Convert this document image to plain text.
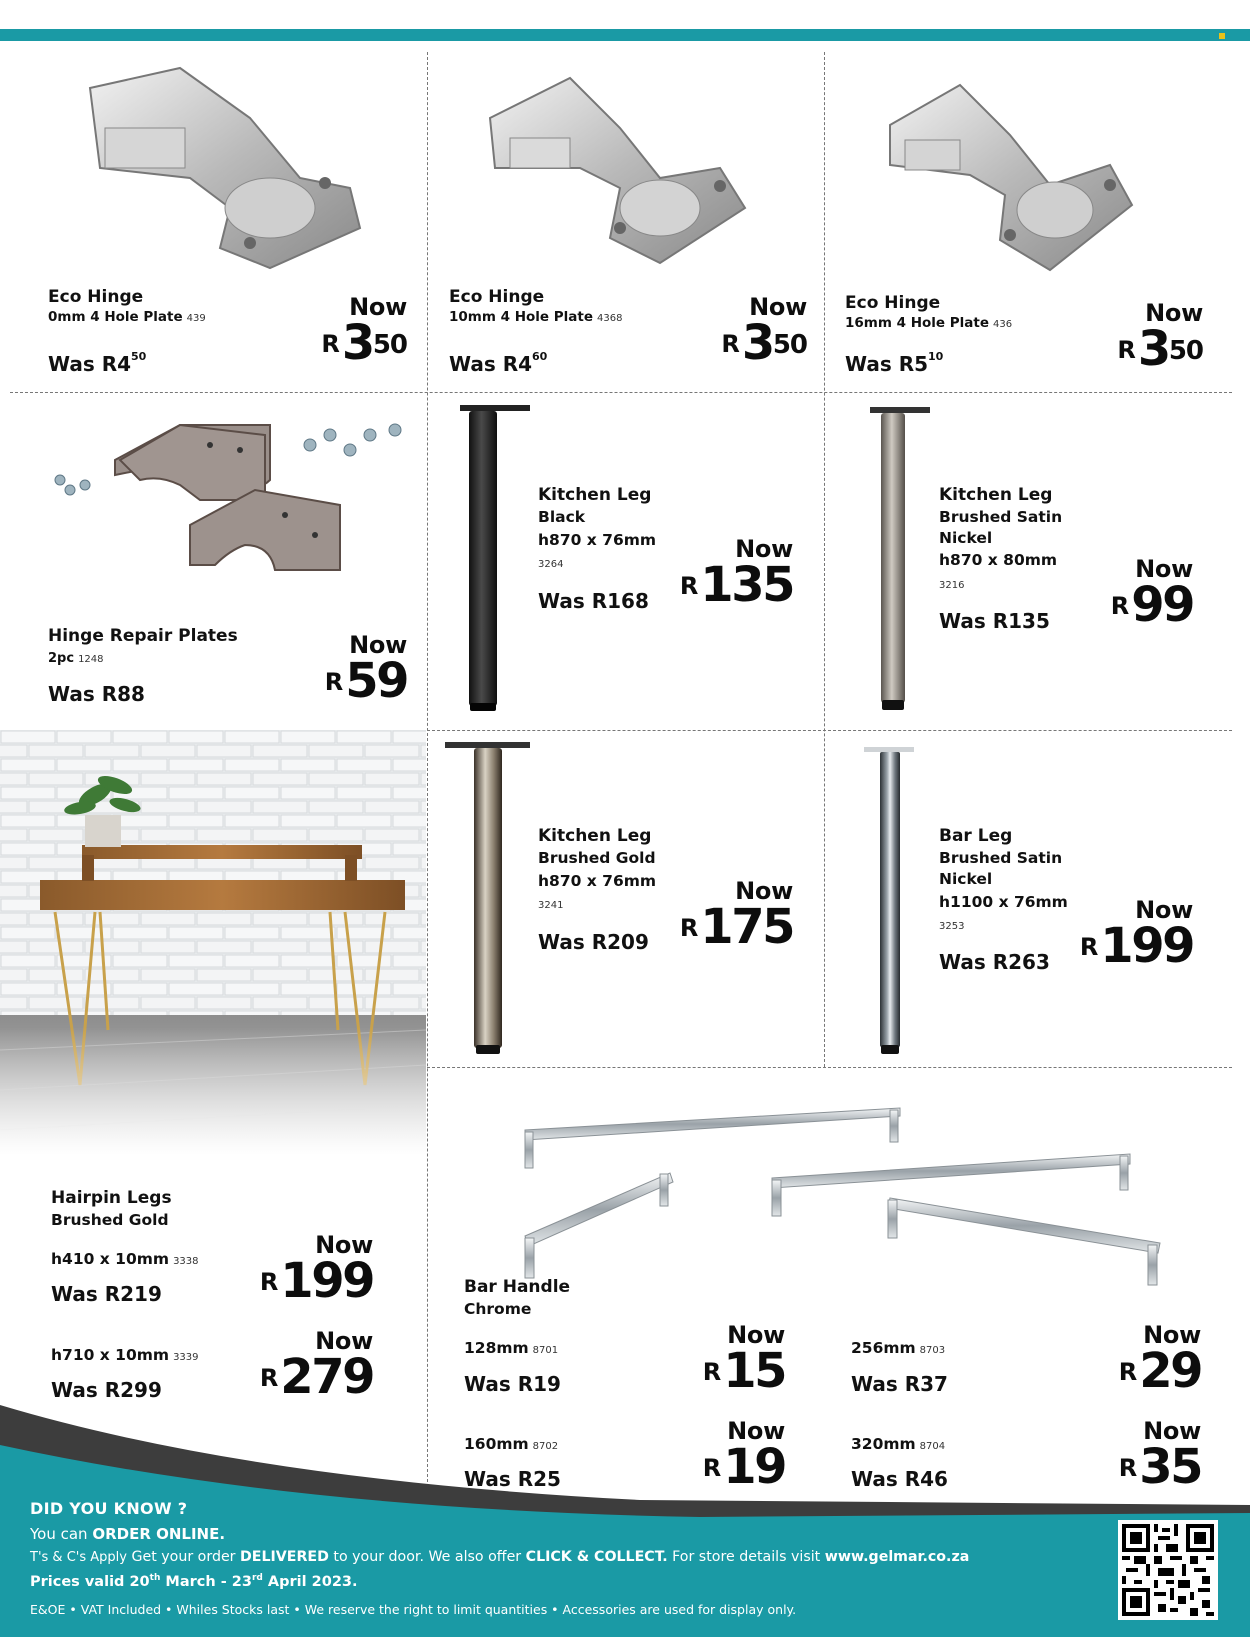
Eco Hinge
0mm 4 Hole Plate 439
Was $R4^{50}$
Now
$^R3^{50}$
Eco Hinge
10mm 4 Hole Plate 4368
Was $R4^{60}$
Now
$^R3^{50}$
Eco Hinge
16mm 4 Hole Plate 436
Was $R5^{10}$
Now
$^R3^{50}$
Hinge Repair Plates
2pc 1248
Was R88
Now
$^R$59
Kitchen Leg
Black
h870 x 76mm
3264
Was R168
Now
$^R$135
Kitchen Leg
Brushed Satin
Nickel
h870 x 80mm
3216
Was R135
Now
$^R$99
Kitchen Leg
Brushed Gold
h870 x 76mm
3241
Was R209
Now
$^R$175
Bar Leg
Brushed Satin
Nickel
h1100 x 76mm
3253
Was R263
Now
$^R$199
Hairpin Legs
Brushed Gold
h410 x 10mm 3338
Was R219
Now
$^R$199
h710 x 10mm 3339
Was R299
Now
$^R$279
Bar Handle
Chrome
128mm 8701
Was R19
Now
$^R$15
160mm 8702
Was R25
Now
$^R$19
256mm 8703
Was R37
Now
$^R$29
320mm 8704
Was R46
Now
$^R$35
DID YOU KNOW ?
You can ORDER ONLINE.
T's & C's Apply Get your order DELIVERED to your door. We also offer CLICK & COLLECT. For store details visit www.gelmar.co.za
Prices valid 20th March - 23rd April 2023.
E&OE • VAT Included • Whiles Stocks last • We reserve the right to limit quantities • Accessories are used for display only.
